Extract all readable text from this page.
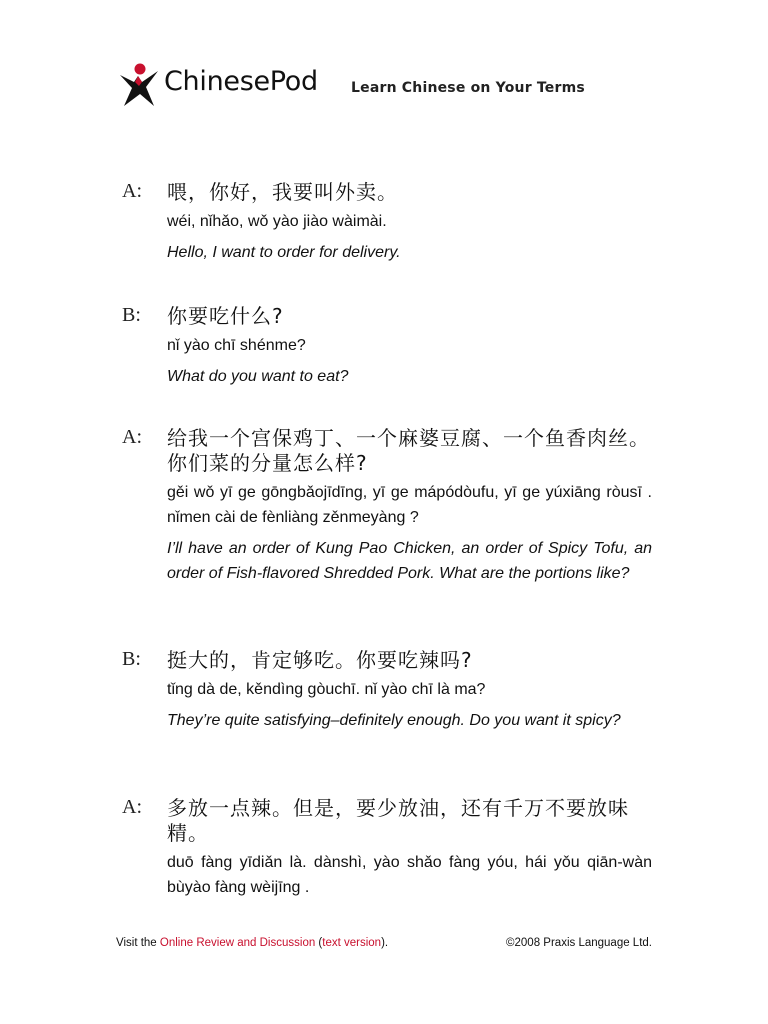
ChinesePod Learn Chinese on Your Terms
A: 喂，你好，我要叫外卖。
wéi, nǐhǎo, wǒ yào jiào wàimài.
Hello, I want to order for delivery.
B: 你要吃什么?
nǐ yào chī shénme?
What do you want to eat?
A: 给我一个宫保鸡丁、一个麻婆豆腐、一个鱼香肉丝。你们菜的分量怎么样?
gěi wǒ yī ge gōngbǎojīdīng, yī ge mápódòufu, yī ge yúxiāng ròusī . nǐmen cài de fènliàng zěnmeyàng ?
I’ll have an order of Kung Pao Chicken, an order of Spicy Tofu, an order of Fish-flavored Shredded Pork. What are the portions like?
B: 挺大的，肯定够吃。你要吃辣吗?
tǐng dà de, kěndìng gòuchī. nǐ yào chī là ma?
They’re quite satisfying–definitely enough. Do you want it spicy?
A: 多放一点辣。但是，要少放油，还有千万不要放味精。
duō fàng yīdiǎn là. dànshì, yào shǎo fàng yóu, hái yǒu qiān-wàn bùyào fàng wèijīng .
Visit the Online Review and Discussion (text version).	©2008 Praxis Language Ltd.
